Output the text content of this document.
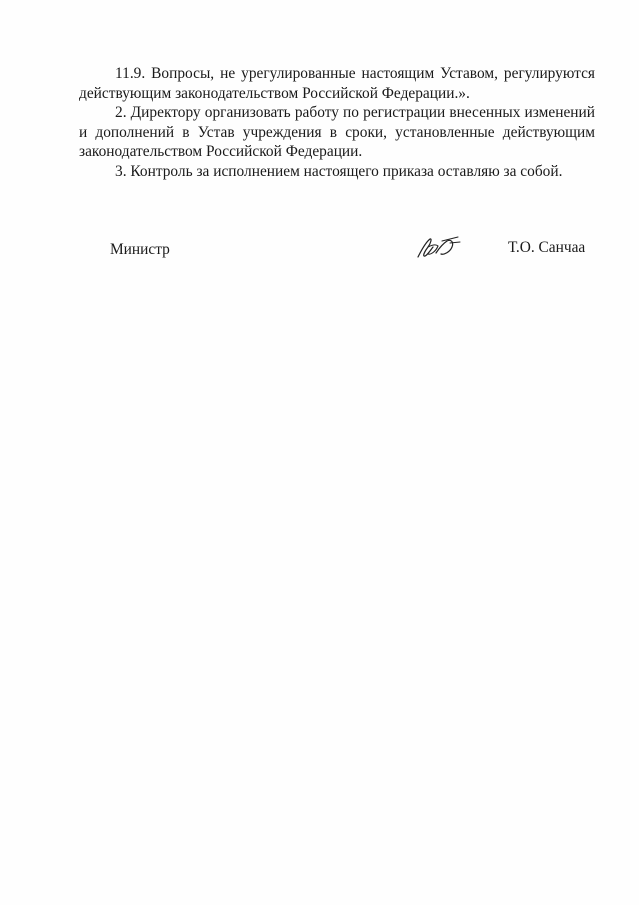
11.9. Вопросы, не урегулированные настоящим Уставом, регулируются
действующим законодательством Российской Федерации.».
2. Директору организовать работу по регистрации внесенных изменений
и дополнений в Устав учреждения в сроки, установленные действующим
законодательством Российской Федерации.
3. Контроль за исполнением настоящего приказа оставляю за собой.
Министр	Т.О. Санчаа
